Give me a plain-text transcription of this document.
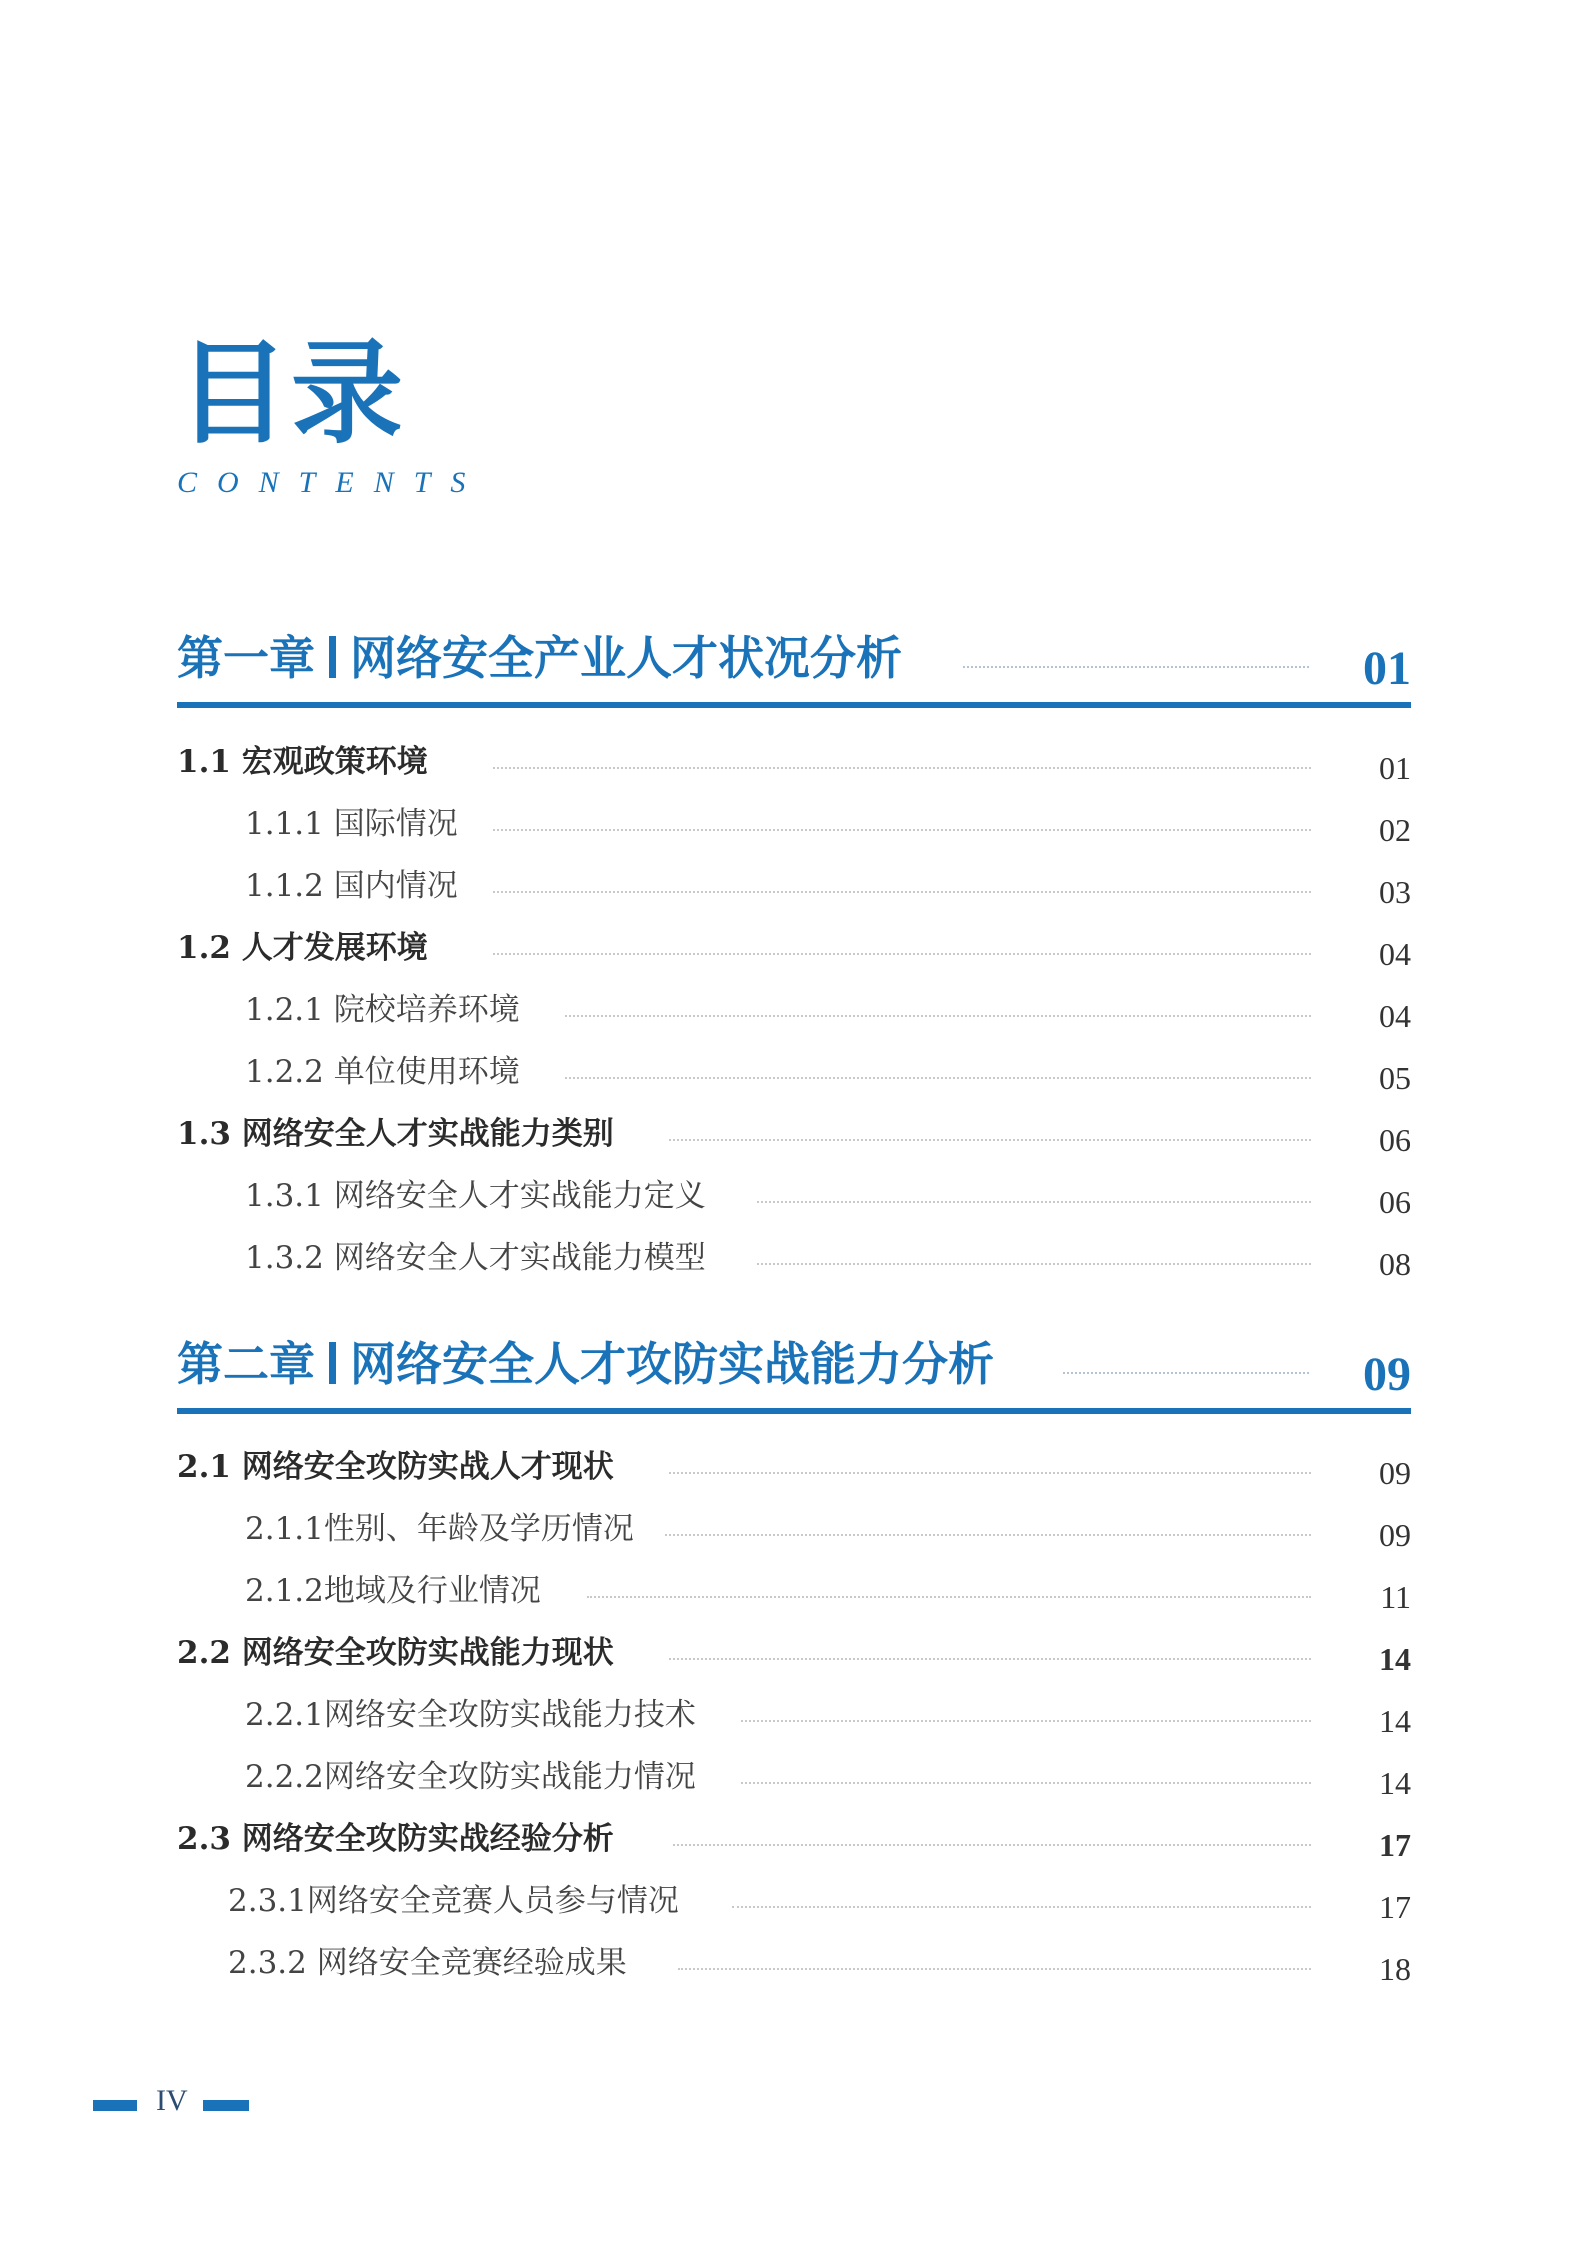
目录
CONTENTS
第一章 网络安全产业人才状况分析	01
1.1 宏观政策环境	01
1.1.1 国际情况	02
1.1.2 国内情况	03
1.2 人才发展环境	04
1.2.1 院校培养环境	04
1.2.2 单位使用环境	05
1.3 网络安全人才实战能力类别	06
1.3.1 网络安全人才实战能力定义	06
1.3.2 网络安全人才实战能力模型	08
第二章 网络安全人才攻防实战能力分析	09
2.1 网络安全攻防实战人才现状	09
2.1.1性别、年龄及学历情况	09
2.1.2地域及行业情况	11
2.2 网络安全攻防实战能力现状	14
2.2.1网络安全攻防实战能力技术	14
2.2.2网络安全攻防实战能力情况	14
2.3 网络安全攻防实战经验分析	17
2.3.1网络安全竞赛人员参与情况	17
2.3.2 网络安全竞赛经验成果	18
IV
